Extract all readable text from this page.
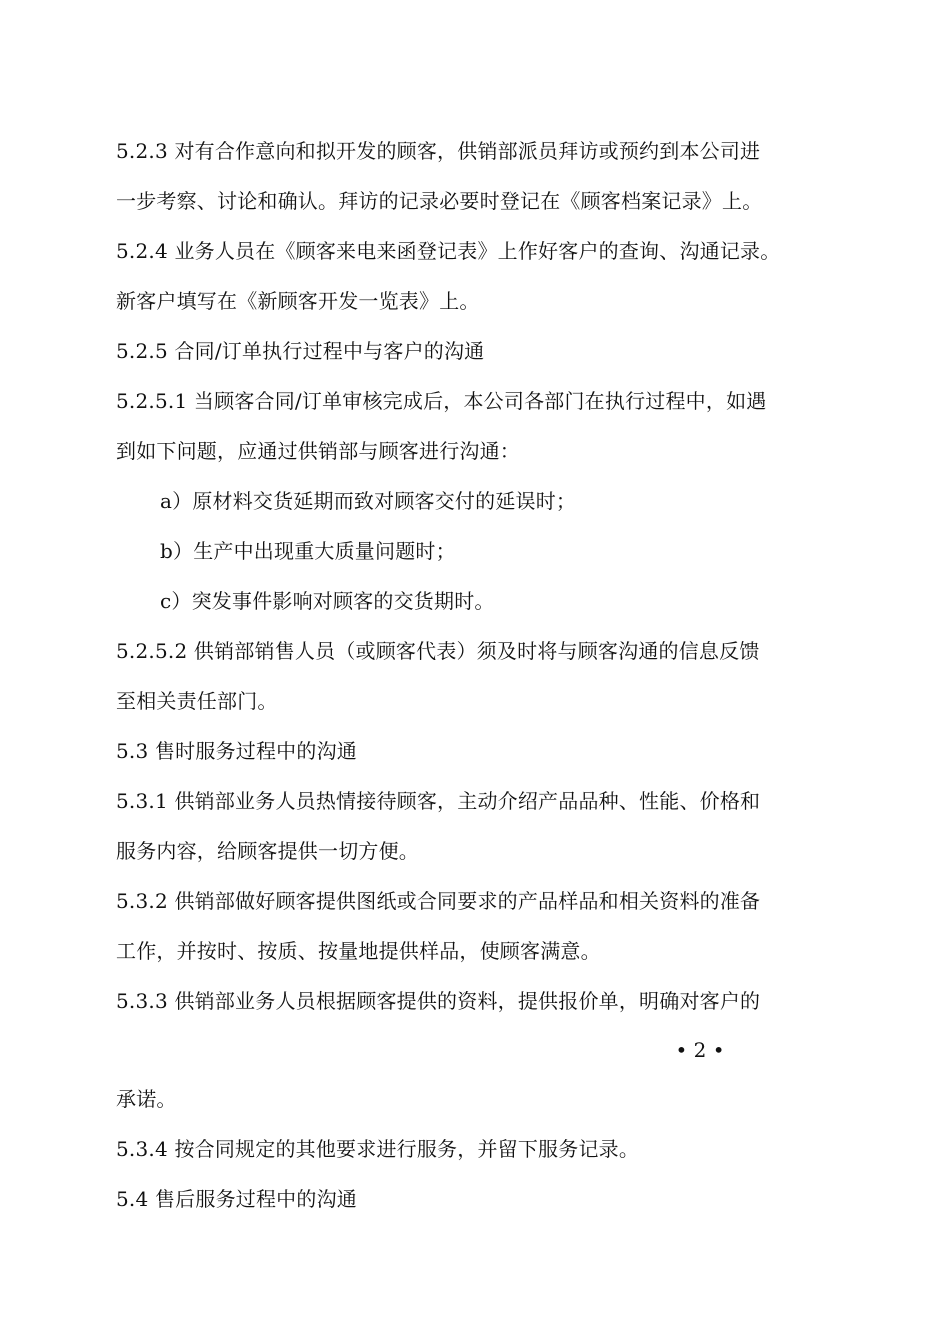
5.2.3 对有合作意向和拟开发的顾客，供销部派员拜访或预约到本公司进
一步考察、讨论和确认。拜访的记录必要时登记在《顾客档案记录》上。
5.2.4 业务人员在《顾客来电来函登记表》上作好客户的查询、沟通记录。
新客户填写在《新顾客开发一览表》上。
5.2.5 合同/订单执行过程中与客户的沟通
5.2.5.1 当顾客合同/订单审核完成后，本公司各部门在执行过程中，如遇
到如下问题，应通过供销部与顾客进行沟通：
a）原材料交货延期而致对顾客交付的延误时；
b）生产中出现重大质量问题时；
c）突发事件影响对顾客的交货期时。
5.2.5.2 供销部销售人员（或顾客代表）须及时将与顾客沟通的信息反馈
至相关责任部门。
5.3 售时服务过程中的沟通
5.3.1 供销部业务人员热情接待顾客，主动介绍产品品种、性能、价格和
服务内容，给顾客提供一切方便。
5.3.2 供销部做好顾客提供图纸或合同要求的产品样品和相关资料的准备
工作，并按时、按质、按量地提供样品，使顾客满意。
5.3.3 供销部业务人员根据顾客提供的资料，提供报价单，明确对客户的
• 2 •
承诺。
5.3.4 按合同规定的其他要求进行服务，并留下服务记录。
5.4 售后服务过程中的沟通
